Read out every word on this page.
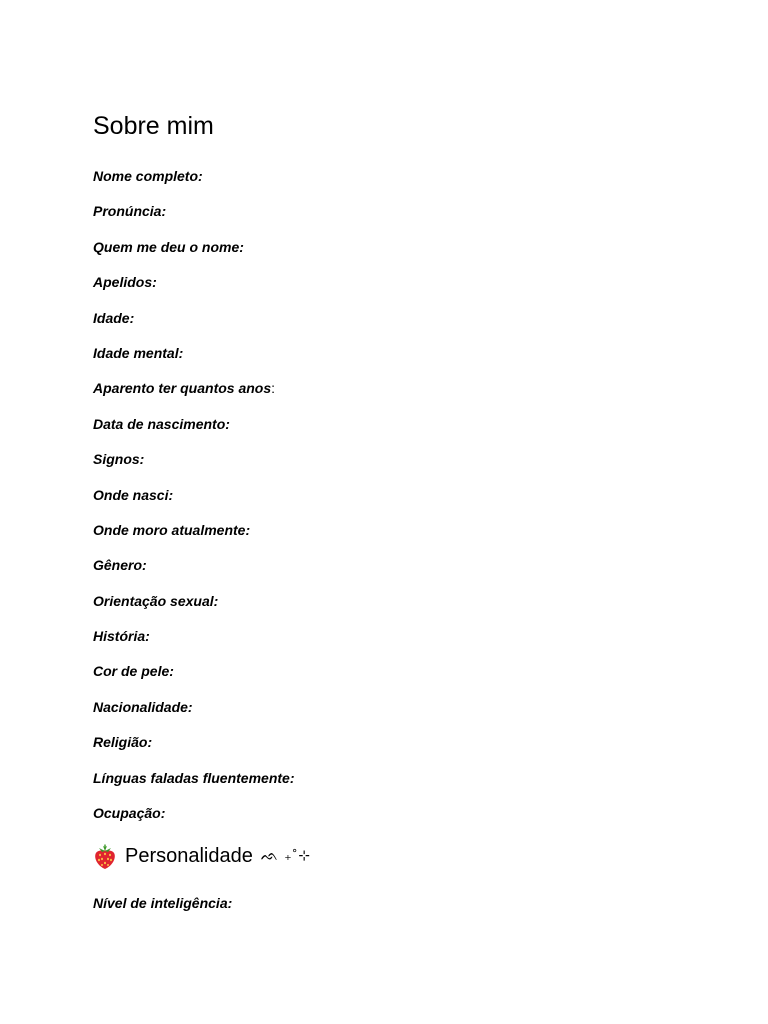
Sobre mim
Nome completo:
Pronúncia:
Quem me deu o nome:
Apelidos:
Idade:
Idade mental:
Aparento ter quantos anos:
Data de nascimento:
Signos:
Onde nasci:
Onde moro atualmente:
Gênero:
Orientação sexual:
História:
Cor de pele:
Nacionalidade:
Religião:
Línguas faladas fluentemente:
Ocupação:
Personalidade ᨒ ₊˚⊹
Nível de inteligência:
